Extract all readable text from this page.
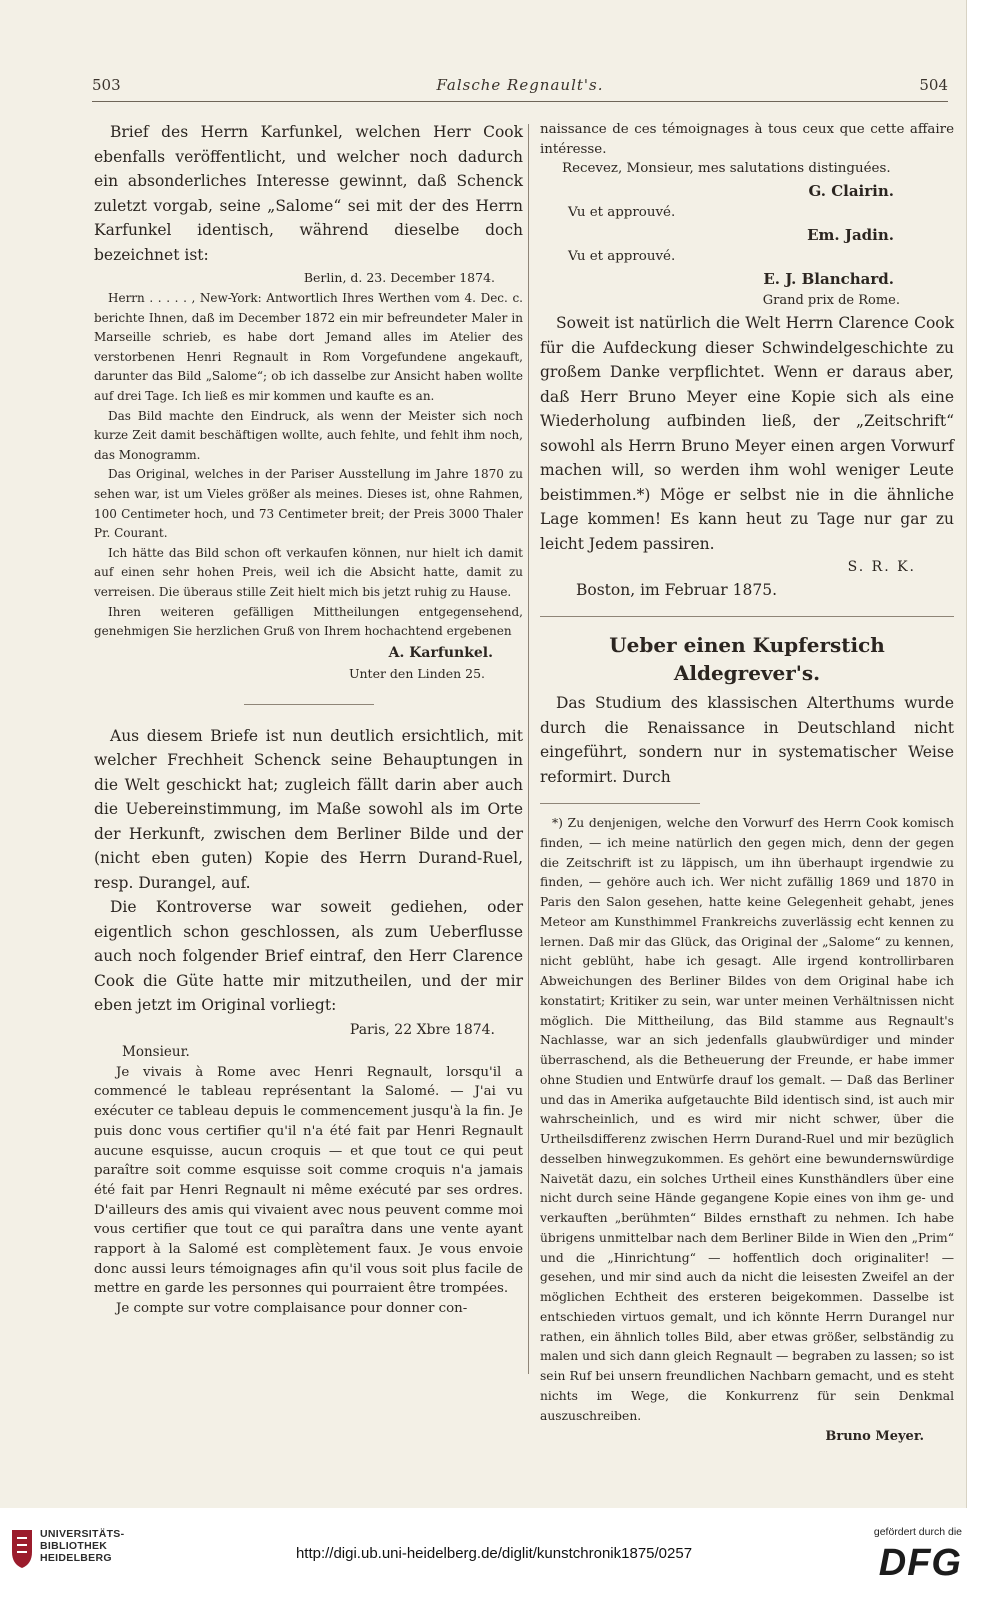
503	Falsche Regnault's.	504

Brief des Herrn Karfunkel, welchen Herr Cook ebenfalls veröffentlicht, und welcher noch dadurch ein absonderliches Interesse gewinnt, daß Schenck zuletzt vorgab, seine „Salome“ sei mit der des Herrn Karfunkel identisch, während dieselbe doch bezeichnet ist:

Berlin, d. 23. December 1874.

Herrn . . . . . , New-York: Antwortlich Ihres Werthen vom 4. Dec. c. berichte Ihnen, daß im December 1872 ein mir befreundeter Maler in Marseille schrieb, es habe dort Jemand alles im Atelier des verstorbenen Henri Regnault in Rom Vorgefundene angekauft, darunter das Bild „Salome“; ob ich dasselbe zur Ansicht haben wollte auf drei Tage. Ich ließ es mir kommen und kaufte es an.

Das Bild machte den Eindruck, als wenn der Meister sich noch kurze Zeit damit beschäftigen wollte, auch fehlte, und fehlt ihm noch, das Monogramm.

Das Original, welches in der Pariser Ausstellung im Jahre 1870 zu sehen war, ist um Vieles größer als meines. Dieses ist, ohne Rahmen, 100 Centimeter hoch, und 73 Centimeter breit; der Preis 3000 Thaler Pr. Courant.

Ich hätte das Bild schon oft verkaufen können, nur hielt ich damit auf einen sehr hohen Preis, weil ich die Absicht hatte, damit zu verreisen. Die überaus stille Zeit hielt mich bis jetzt ruhig zu Hause.

Ihren weiteren gefälligen Mittheilungen entgegensehend, genehmigen Sie herzlichen Gruß von Ihrem hochachtend ergebenen

A. Karfunkel.
Unter den Linden 25.

Aus diesem Briefe ist nun deutlich ersichtlich, mit welcher Frechheit Schenck seine Behauptungen in die Welt geschickt hat; zugleich fällt darin aber auch die Uebereinstimmung, im Maße sowohl als im Orte der Herkunft, zwischen dem Berliner Bilde und der (nicht eben guten) Kopie des Herrn Durand-Ruel, resp. Durangel, auf.

Die Kontroverse war soweit gediehen, oder eigentlich schon geschlossen, als zum Ueberflusse auch noch folgender Brief eintraf, den Herr Clarence Cook die Güte hatte mir mitzutheilen, und der mir eben jetzt im Original vorliegt:

Paris, 22 Xbre 1874.
Monsieur.

Je vivais à Rome avec Henri Regnault, lorsqu'il a commencé le tableau représentant la Salomé. — J'ai vu exécuter ce tableau depuis le commencement jusqu'à la fin. Je puis donc vous certifier qu'il n'a été fait par Henri Regnault aucune esquisse, aucun croquis — et que tout ce qui peut paraître soit comme esquisse soit comme croquis n'a jamais été fait par Henri Regnault ni même exécuté par ses ordres. D'ailleurs des amis qui vivaient avec nous peuvent comme moi vous certifier que tout ce qui paraîtra dans une vente ayant rapport à la Salomé est complètement faux. Je vous envoie donc aussi leurs témoignages afin qu'il vous soit plus facile de mettre en garde les personnes qui pourraient être trompées.

Je compte sur votre complaisance pour donner con-

naissance de ces témoignages à tous ceux que cette affaire intéresse.

Recevez, Monsieur, mes salutations distinguées.

G. Clairin.
Vu et approuvé.
Em. Jadin.
Vu et approuvé.
E. J. Blanchard.
Grand prix de Rome.

Soweit ist natürlich die Welt Herrn Clarence Cook für die Aufdeckung dieser Schwindelgeschichte zu großem Danke verpflichtet. Wenn er daraus aber, daß Herr Bruno Meyer eine Kopie sich als eine Wiederholung aufbinden ließ, der „Zeitschrift“ sowohl als Herrn Bruno Meyer einen argen Vorwurf machen will, so werden ihm wohl weniger Leute beistimmen.*) Möge er selbst nie in die ähnliche Lage kommen! Es kann heut zu Tage nur gar zu leicht Jedem passiren.

S. R. K.
Boston, im Februar 1875.
Ueber einen Kupferstich Aldegrever's.

Das Studium des klassischen Alterthums wurde durch die Renaissance in Deutschland nicht eingeführt, sondern nur in systematischer Weise reformirt. Durch

*) Zu denjenigen, welche den Vorwurf des Herrn Cook komisch finden, — ich meine natürlich den gegen mich, denn der gegen die Zeitschrift ist zu läppisch, um ihn überhaupt irgendwie zu finden, — gehöre auch ich. Wer nicht zufällig 1869 und 1870 in Paris den Salon gesehen, hatte keine Gelegenheit gehabt, jenes Meteor am Kunsthimmel Frankreichs zuverlässig echt kennen zu lernen. Daß mir das Glück, das Original der „Salome“ zu kennen, nicht geblüht, habe ich gesagt. Alle irgend kontrollirbaren Abweichungen des Berliner Bildes von dem Original habe ich konstatirt; Kritiker zu sein, war unter meinen Verhältnissen nicht möglich. Die Mittheilung, das Bild stamme aus Regnault's Nachlasse, war an sich jedenfalls glaubwürdiger und minder überraschend, als die Betheuerung der Freunde, er habe immer ohne Studien und Entwürfe drauf los gemalt. — Daß das Berliner und das in Amerika aufgetauchte Bild identisch sind, ist auch mir wahrscheinlich, und es wird mir nicht schwer, über die Urtheilsdifferenz zwischen Herrn Durand-Ruel und mir bezüglich desselben hinwegzukommen. Es gehört eine bewundernswürdige Naivetät dazu, ein solches Urtheil eines Kunsthändlers über eine nicht durch seine Hände gegangene Kopie eines von ihm ge- und verkauften „berühmten“ Bildes ernsthaft zu nehmen. Ich habe übrigens unmittelbar nach dem Berliner Bilde in Wien den „Prim“ und die „Hinrichtung“ — hoffentlich doch originaliter! — gesehen, und mir sind auch da nicht die leisesten Zweifel an der möglichen Echtheit des ersteren beigekommen. Dasselbe ist entschieden virtuos gemalt, und ich könnte Herrn Durangel nur rathen, ein ähnlich tolles Bild, aber etwas größer, selbständig zu malen und sich dann gleich Regnault — begraben zu lassen; so ist sein Ruf bei unsern freundlichen Nachbarn gemacht, und es steht nichts im Wege, die Konkurrenz für sein Denkmal auszuschreiben.

Bruno Meyer.
UNIVERSITÄTS-
BIBLIOTHEK
HEIDELBERG	http://digi.ub.uni-heidelberg.de/diglit/kunstchronik1875/0257
gefördert durch die
DFG
